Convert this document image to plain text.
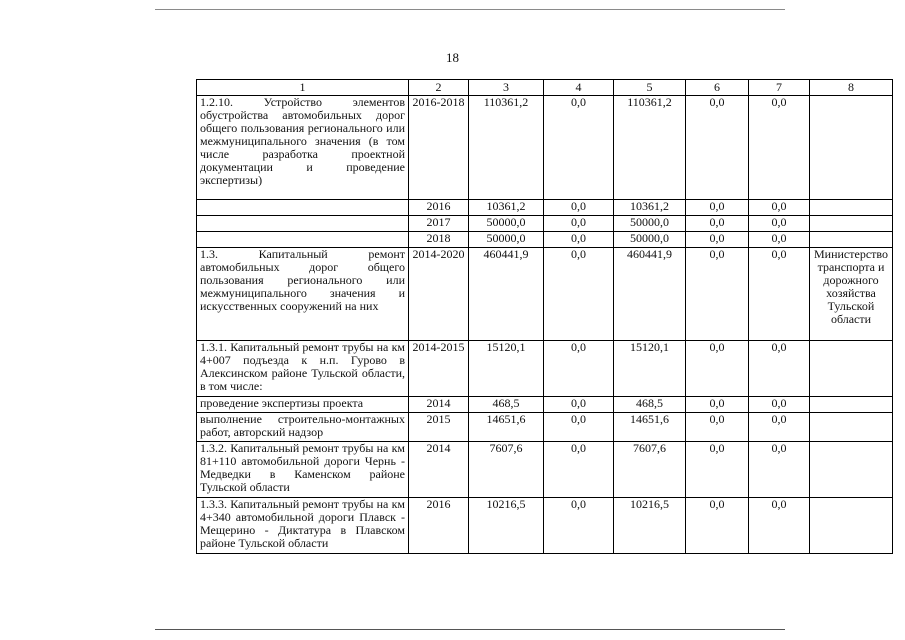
18
1	2	3	4	5	6	7	8
1.2.10. Устройство элементов обустройства автомобильных дорог общего пользования регионального или межмуниципального значения (в том числе разработка проектной документации и проведение экспертизы)	2016-2018	110361,2	0,0	110361,2	0,0	0,0	
	2016	10361,2	0,0	10361,2	0,0	0,0	
	2017	50000,0	0,0	50000,0	0,0	0,0	
	2018	50000,0	0,0	50000,0	0,0	0,0	
1.3. Капитальный ремонт автомобильных дорог общего пользования регионального или межмуниципального значения и искусственных сооружений на них	2014-2020	460441,9	0,0	460441,9	0,0	0,0	Министерство транспорта и дорожного хозяйства Тульской области
1.3.1. Капитальный ремонт трубы на км 4+007 подъезда к н.п. Гурово в Алексинском районе Тульской области, в том числе:	2014-2015	15120,1	0,0	15120,1	0,0	0,0	
проведение экспертизы проекта	2014	468,5	0,0	468,5	0,0	0,0	
выполнение строительно-монтажных работ, авторский надзор	2015	14651,6	0,0	14651,6	0,0	0,0	
1.3.2. Капитальный ремонт трубы на км 81+110 автомобильной дороги Чернь - Медведки в Каменском районе Тульской области	2014	7607,6	0,0	7607,6	0,0	0,0	
1.3.3. Капитальный ремонт трубы на км 4+340 автомобильной дороги Плавск - Мещерино - Диктатура в Плавском районе Тульской области	2016	10216,5	0,0	10216,5	0,0	0,0	
